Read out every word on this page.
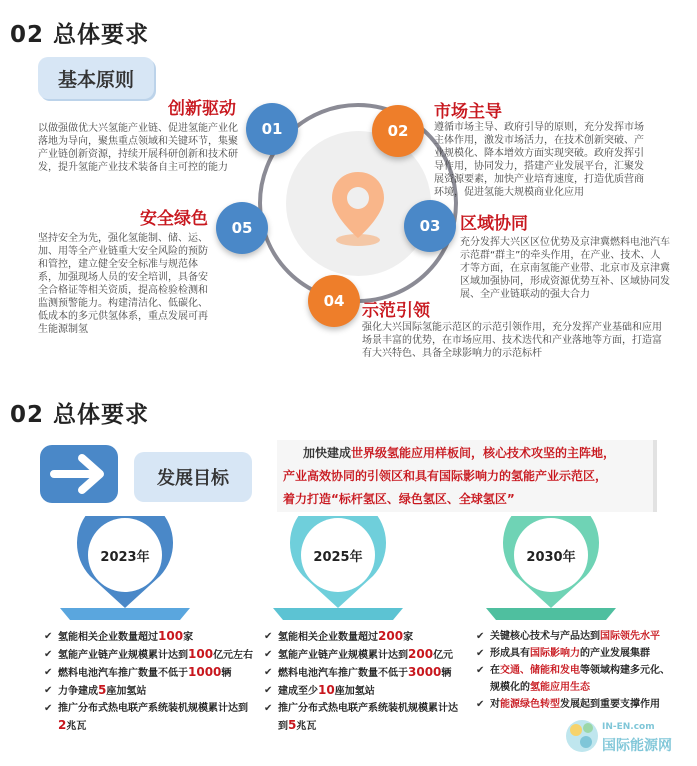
02 总体要求
基本原则
01	02
03
04
05
创新驱动
以做强做优大兴氢能产业链、促进氢能产业化落地为导向，聚焦重点领域和关键环节，集聚产业链创新资源，持续开展科研创新和技术研发，提升氢能产业技术装备自主可控的能力
市场主导
遵循市场主导、政府引导的原则，充分发挥市场主体作用，激发市场活力，在技术创新突破、产业规模化、降本增效方面实现突破。政府发挥引导作用，协同发力，搭建产业发展平台，汇聚发展资源要素，加快产业培育速度，打造优质营商环境，促进氢能大规模商业化应用
区域协同
充分发挥大兴区区位优势及京津冀燃料电池汽车示范群“群主”的牵头作用，在产业、技术、人才等方面，在京南氢能产业带、北京市及京津冀区域加强协同，形成资源优势互补、区域协同发展、全产业链联动的强大合力
示范引领
强化大兴国际氢能示范区的示范引领作用，充分发挥产业基础和应用场景丰富的优势，在市场应用、技术迭代和产业落地等方面，打造富有大兴特色、具备全球影响力的示范标杆
安全绿色
坚持安全为先，强化氢能制、储、运、加、用等全产业链重大安全风险的预防和管控，建立健全安全标准与规范体系，加强现场人员的安全培训，具备安全合格证等相关资质，提高检验检测和监测预警能力。构建清洁化、低碳化、低成本的多元供氢体系，重点发展可再生能源制氢
02 总体要求
发展目标
加快建成世界级氢能应用样板间，核心技术攻坚的主阵地，
产业高效协同的引领区和具有国际影响力的氢能产业示范区，
着力打造“标杆氢区、绿色氢区、全球氢区”
2023年	2025年	2030年
✔ 氢能相关企业数量超过100家
✔ 氢能产业链产业规模累计达到100亿元左右
✔ 燃料电池汽车推广数量不低于1000辆
✔ 力争建成5座加氢站
✔ 推广分布式热电联产系统装机规模累计达到2兆瓦
✔ 氢能相关企业数量超过200家
✔ 氢能产业链产业规模累计达到200亿元
✔ 燃料电池汽车推广数量不低于3000辆
✔ 建成至少10座加氢站
✔ 推广分布式热电联产系统装机规模累计达到5兆瓦
✔ 关键核心技术与产品达到国际领先水平
✔ 形成具有国际影响力的产业发展集群
✔ 在交通、储能和发电等领域构建多元化、规模化的氢能应用生态
✔ 对能源绿色转型发展起到重要支撑作用
IN-EN.com
国际能源网
